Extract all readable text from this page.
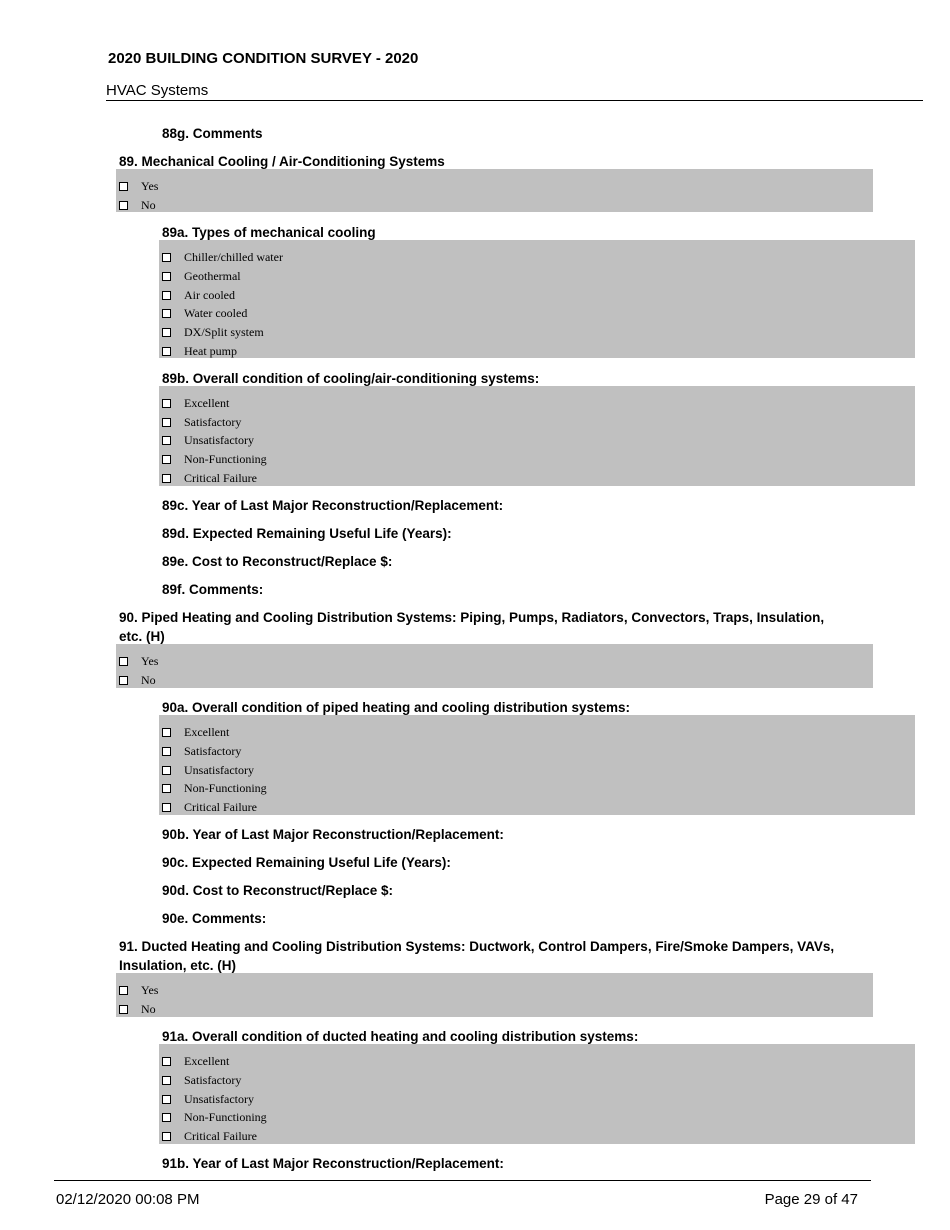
2020 BUILDING CONDITION SURVEY - 2020
HVAC Systems
88g. Comments
89. Mechanical Cooling / Air-Conditioning Systems
Yes
No
89a. Types of mechanical cooling
Chiller/chilled water
Geothermal
Air cooled
Water cooled
DX/Split system
Heat pump
89b. Overall condition of cooling/air-conditioning systems:
Excellent
Satisfactory
Unsatisfactory
Non-Functioning
Critical Failure
89c. Year of Last Major Reconstruction/Replacement:
89d. Expected Remaining Useful Life (Years):
89e. Cost to Reconstruct/Replace $:
89f. Comments:
90. Piped Heating and Cooling Distribution Systems: Piping, Pumps, Radiators, Convectors, Traps, Insulation,
etc. (H)
Yes
No
90a. Overall condition of piped heating and cooling distribution systems:
Excellent
Satisfactory
Unsatisfactory
Non-Functioning
Critical Failure
90b. Year of Last Major Reconstruction/Replacement:
90c. Expected Remaining Useful Life (Years):
90d. Cost to Reconstruct/Replace $:
90e. Comments:
91. Ducted Heating and Cooling Distribution Systems: Ductwork, Control Dampers, Fire/Smoke Dampers, VAVs,
Insulation, etc. (H)
Yes
No
91a. Overall condition of ducted heating and cooling distribution systems:
Excellent
Satisfactory
Unsatisfactory
Non-Functioning
Critical Failure
91b. Year of Last Major Reconstruction/Replacement:
02/12/2020 00:08 PM	Page 29 of 47
